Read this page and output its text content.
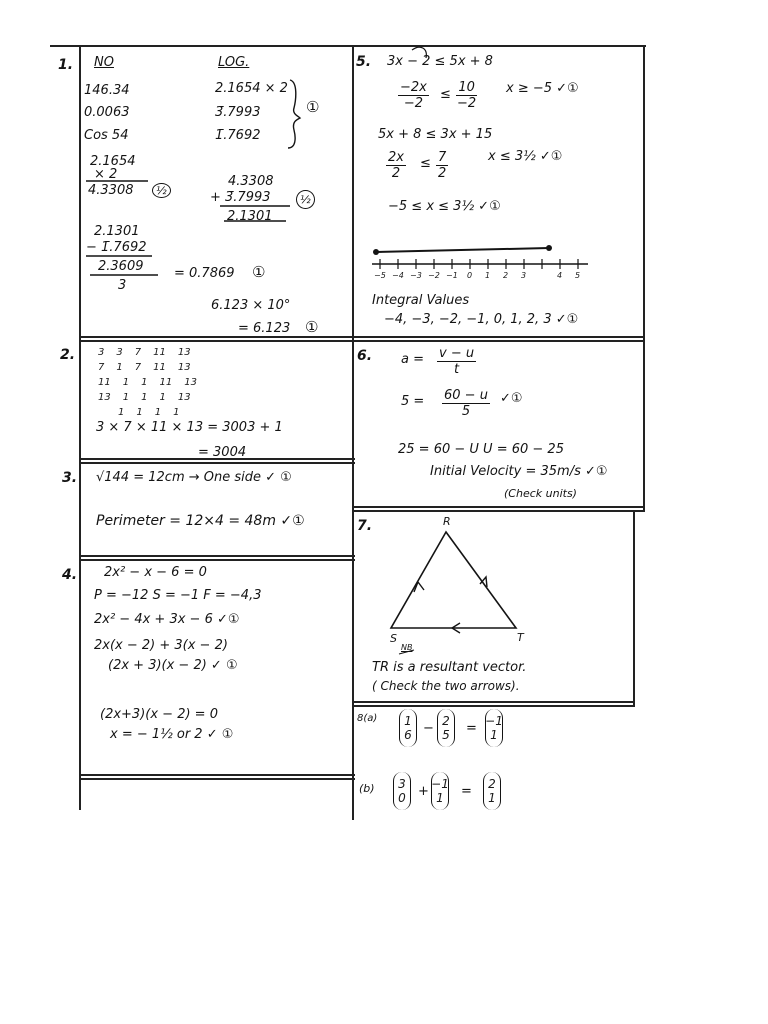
1. NO	LOG.
146.34	2.1654 × 2
0.0063	3̄.7993
Cos 54	1̄.7692
①
2.1654
× 2
4.3308	½
4.3308
+ 3̄.7993
2.1301
½
2.1301
− 1̄.7692
2.3609
3
= 0.7869 ①
6.123 × 10°
= 6.123 ①
2. 3 3 7 11 13
7 1 7 11 13
11 1 1 11 13
13 1 1 1 13
1 1 1 1
3 × 7 × 11 × 13 = 3003 + 1
= 3004
3. √144 = 12cm → One side ✓ ①
Perimeter = 12×4 = 48m ✓①
4. 2x² − x − 6 = 0
P = −12 S = −1 F = −4,3
2x² − 4x + 3x − 6 ✓①
2x(x − 2) + 3(x − 2)
(2x + 3)(x − 2) ✓ ①
(2x+3)(x − 2) = 0
x = − 1½ or 2 ✓ ①
5. 3x − 2 ≤ 5x + 8
$\frac{-2x}{-2} \le \frac{10}{-2}$ x ≥ −5 ✓①
5x + 8 ≤ 3x + 15
$\frac{2x}{2} \le \frac{7}{2}$	x ≤ 3½ ✓①
−5 ≤ x ≤ 3½ ✓①
−5 −4 −3 −2 −1 0 1 2 3	4 5
Integral Values
−4, −3, −2, −1, 0, 1, 2, 3 ✓①
6. $a = \frac{v - u}{t}$
$5 = \frac{60 - u}{5}$ ✓①
25 = 60 − U U = 60 − 25
Initial Velocity = 35m/s ✓①
(Check units)
7.	R
S	T
NB
TR is a resultant vector.
( Check the two arrows).
8(a) 1
6 − 2
5 = −1
1
(b) 3
0 + −1
1 = 2
1
